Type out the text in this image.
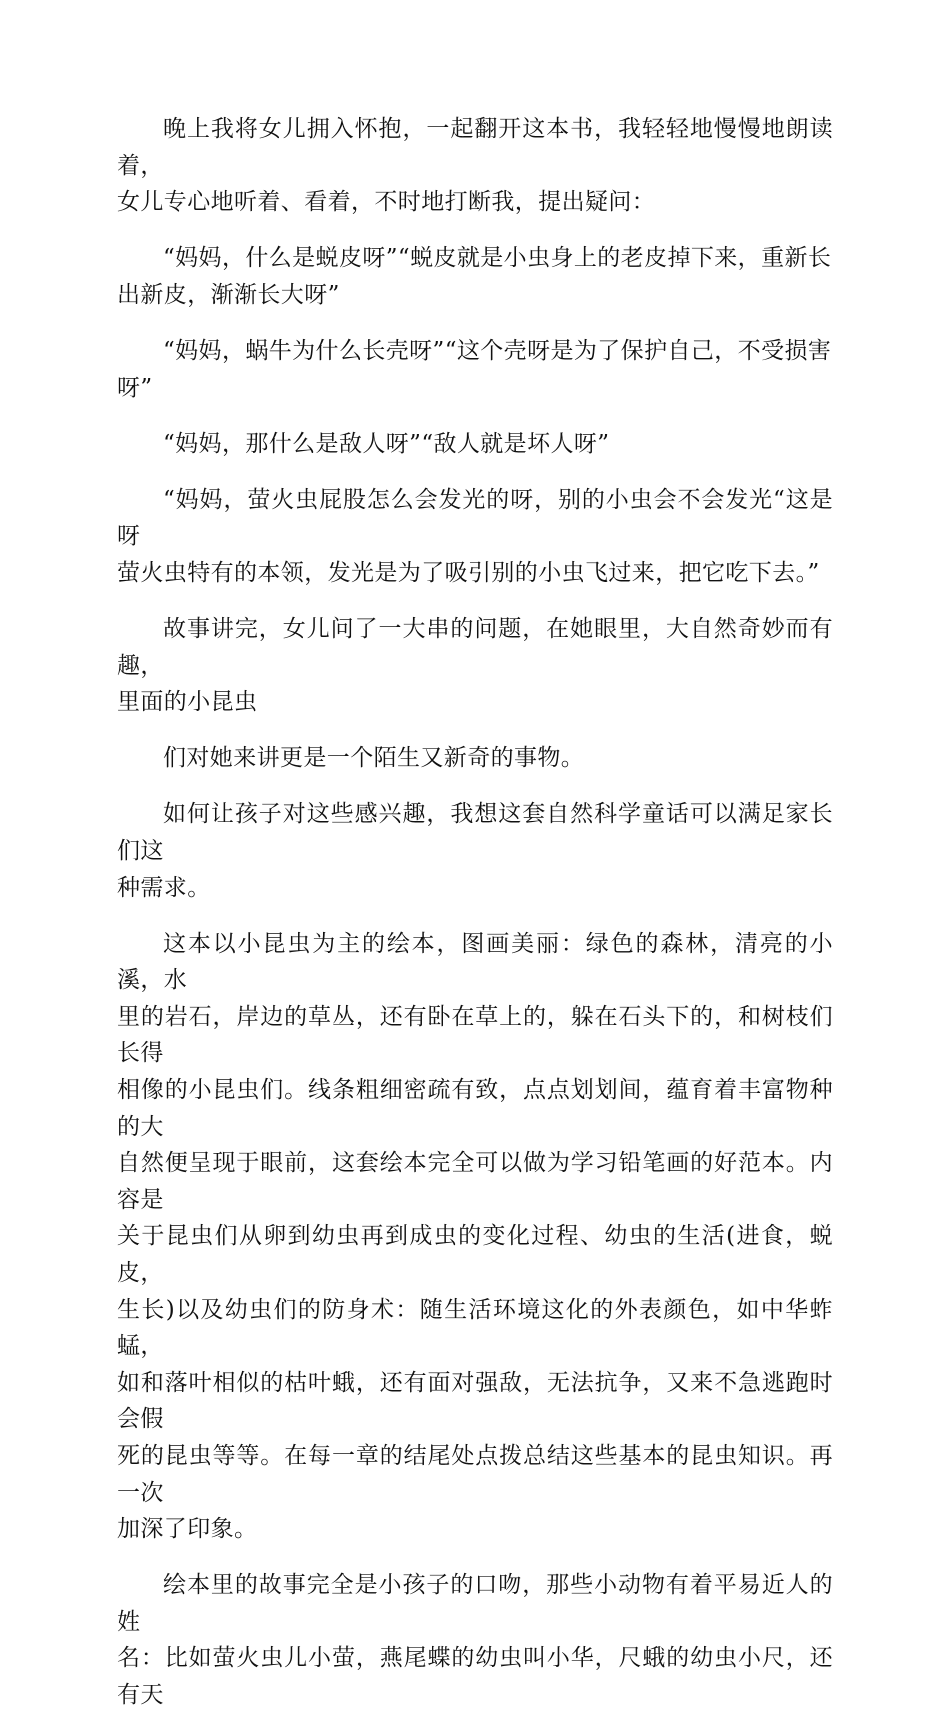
晚上我将女儿拥入怀抱，一起翻开这本书，我轻轻地慢慢地朗读着，
女儿专心地听着、看着，不时地打断我，提出疑问：

“妈妈，什么是蜕皮呀”“蜕皮就是小虫身上的老皮掉下来，重新长
出新皮，渐渐长大呀”

“妈妈，蜗牛为什么长壳呀”“这个壳呀是为了保护自己，不受损害
呀”

“妈妈，那什么是敌人呀”“敌人就是坏人呀”

“妈妈，萤火虫屁股怎么会发光的呀，别的小虫会不会发光“这是呀
萤火虫特有的本领，发光是为了吸引别的小虫飞过来，把它吃下去。”

故事讲完，女儿问了一大串的问题，在她眼里，大自然奇妙而有趣，
里面的小昆虫

们对她来讲更是一个陌生又新奇的事物。

如何让孩子对这些感兴趣，我想这套自然科学童话可以满足家长们这
种需求。

这本以小昆虫为主的绘本，图画美丽：绿色的森林，清亮的小溪，水
里的岩石，岸边的草丛，还有卧在草上的，躲在石头下的，和树枝们长得
相像的小昆虫们。线条粗细密疏有致，点点划划间，蕴育着丰富物种的大
自然便呈现于眼前，这套绘本完全可以做为学习铅笔画的好范本。内容是
关于昆虫们从卵到幼虫再到成虫的变化过程、幼虫的生活(进食，蜕皮，
生长)以及幼虫们的防身术：随生活环境这化的外表颜色，如中华蚱蜢，
如和落叶相似的枯叶蛾，还有面对强敌，无法抗争，又来不急逃跑时会假
死的昆虫等等。在每一章的结尾处点拨总结这些基本的昆虫知识。再一次
加深了印象。

绘本里的故事完全是小孩子的口吻，那些小动物有着平易近人的姓
名：比如萤火虫儿小萤，燕尾蝶的幼虫叫小华，尺蛾的幼虫小尺，还有天
